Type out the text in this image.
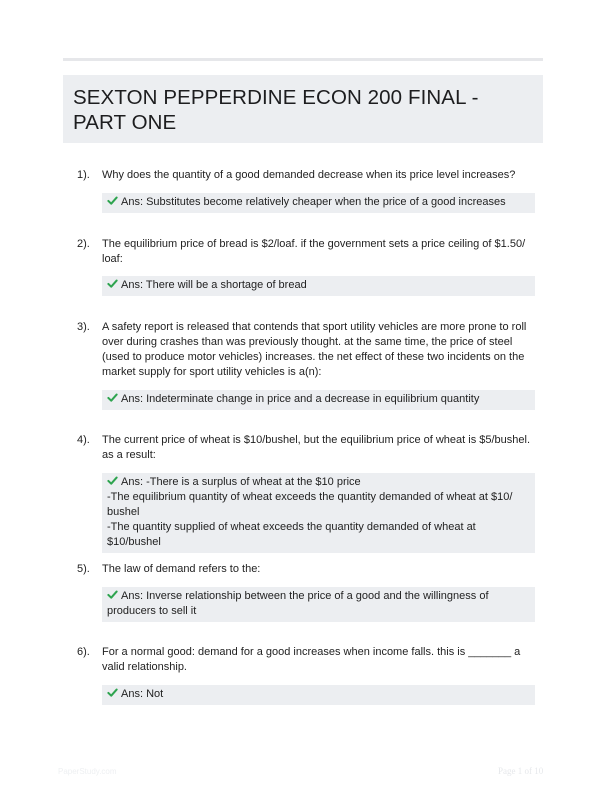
SEXTON PEPPERDINE ECON 200 FINAL - PART ONE
1). Why does the quantity of a good demanded decrease when its price level increases?
Ans: Substitutes become relatively cheaper when the price of a good increases
2). The equilibrium price of bread is $2/loaf. if the government sets a price ceiling of $1.50/ loaf:
Ans: There will be a shortage of bread
3). A safety report is released that contends that sport utility vehicles are more prone to roll over during crashes than was previously thought. at the same time, the price of steel (used to produce motor vehicles) increases. the net effect of these two incidents on the market supply for sport utility vehicles is a(n):
Ans: Indeterminate change in price and a decrease in equilibrium quantity
4). The current price of wheat is $10/bushel, but the equilibrium price of wheat is $5/bushel. as a result:
Ans: -There is a surplus of wheat at the $10 price
-The equilibrium quantity of wheat exceeds the quantity demanded of wheat at $10/ bushel
-The quantity supplied of wheat exceeds the quantity demanded of wheat at $10/bushel
5). The law of demand refers to the:
Ans: Inverse relationship between the price of a good and the willingness of producers to sell it
6). For a normal good: demand for a good increases when income falls. this is _______ a valid relationship.
Ans: Not
PaperStudy.com	Page 1 of 10
